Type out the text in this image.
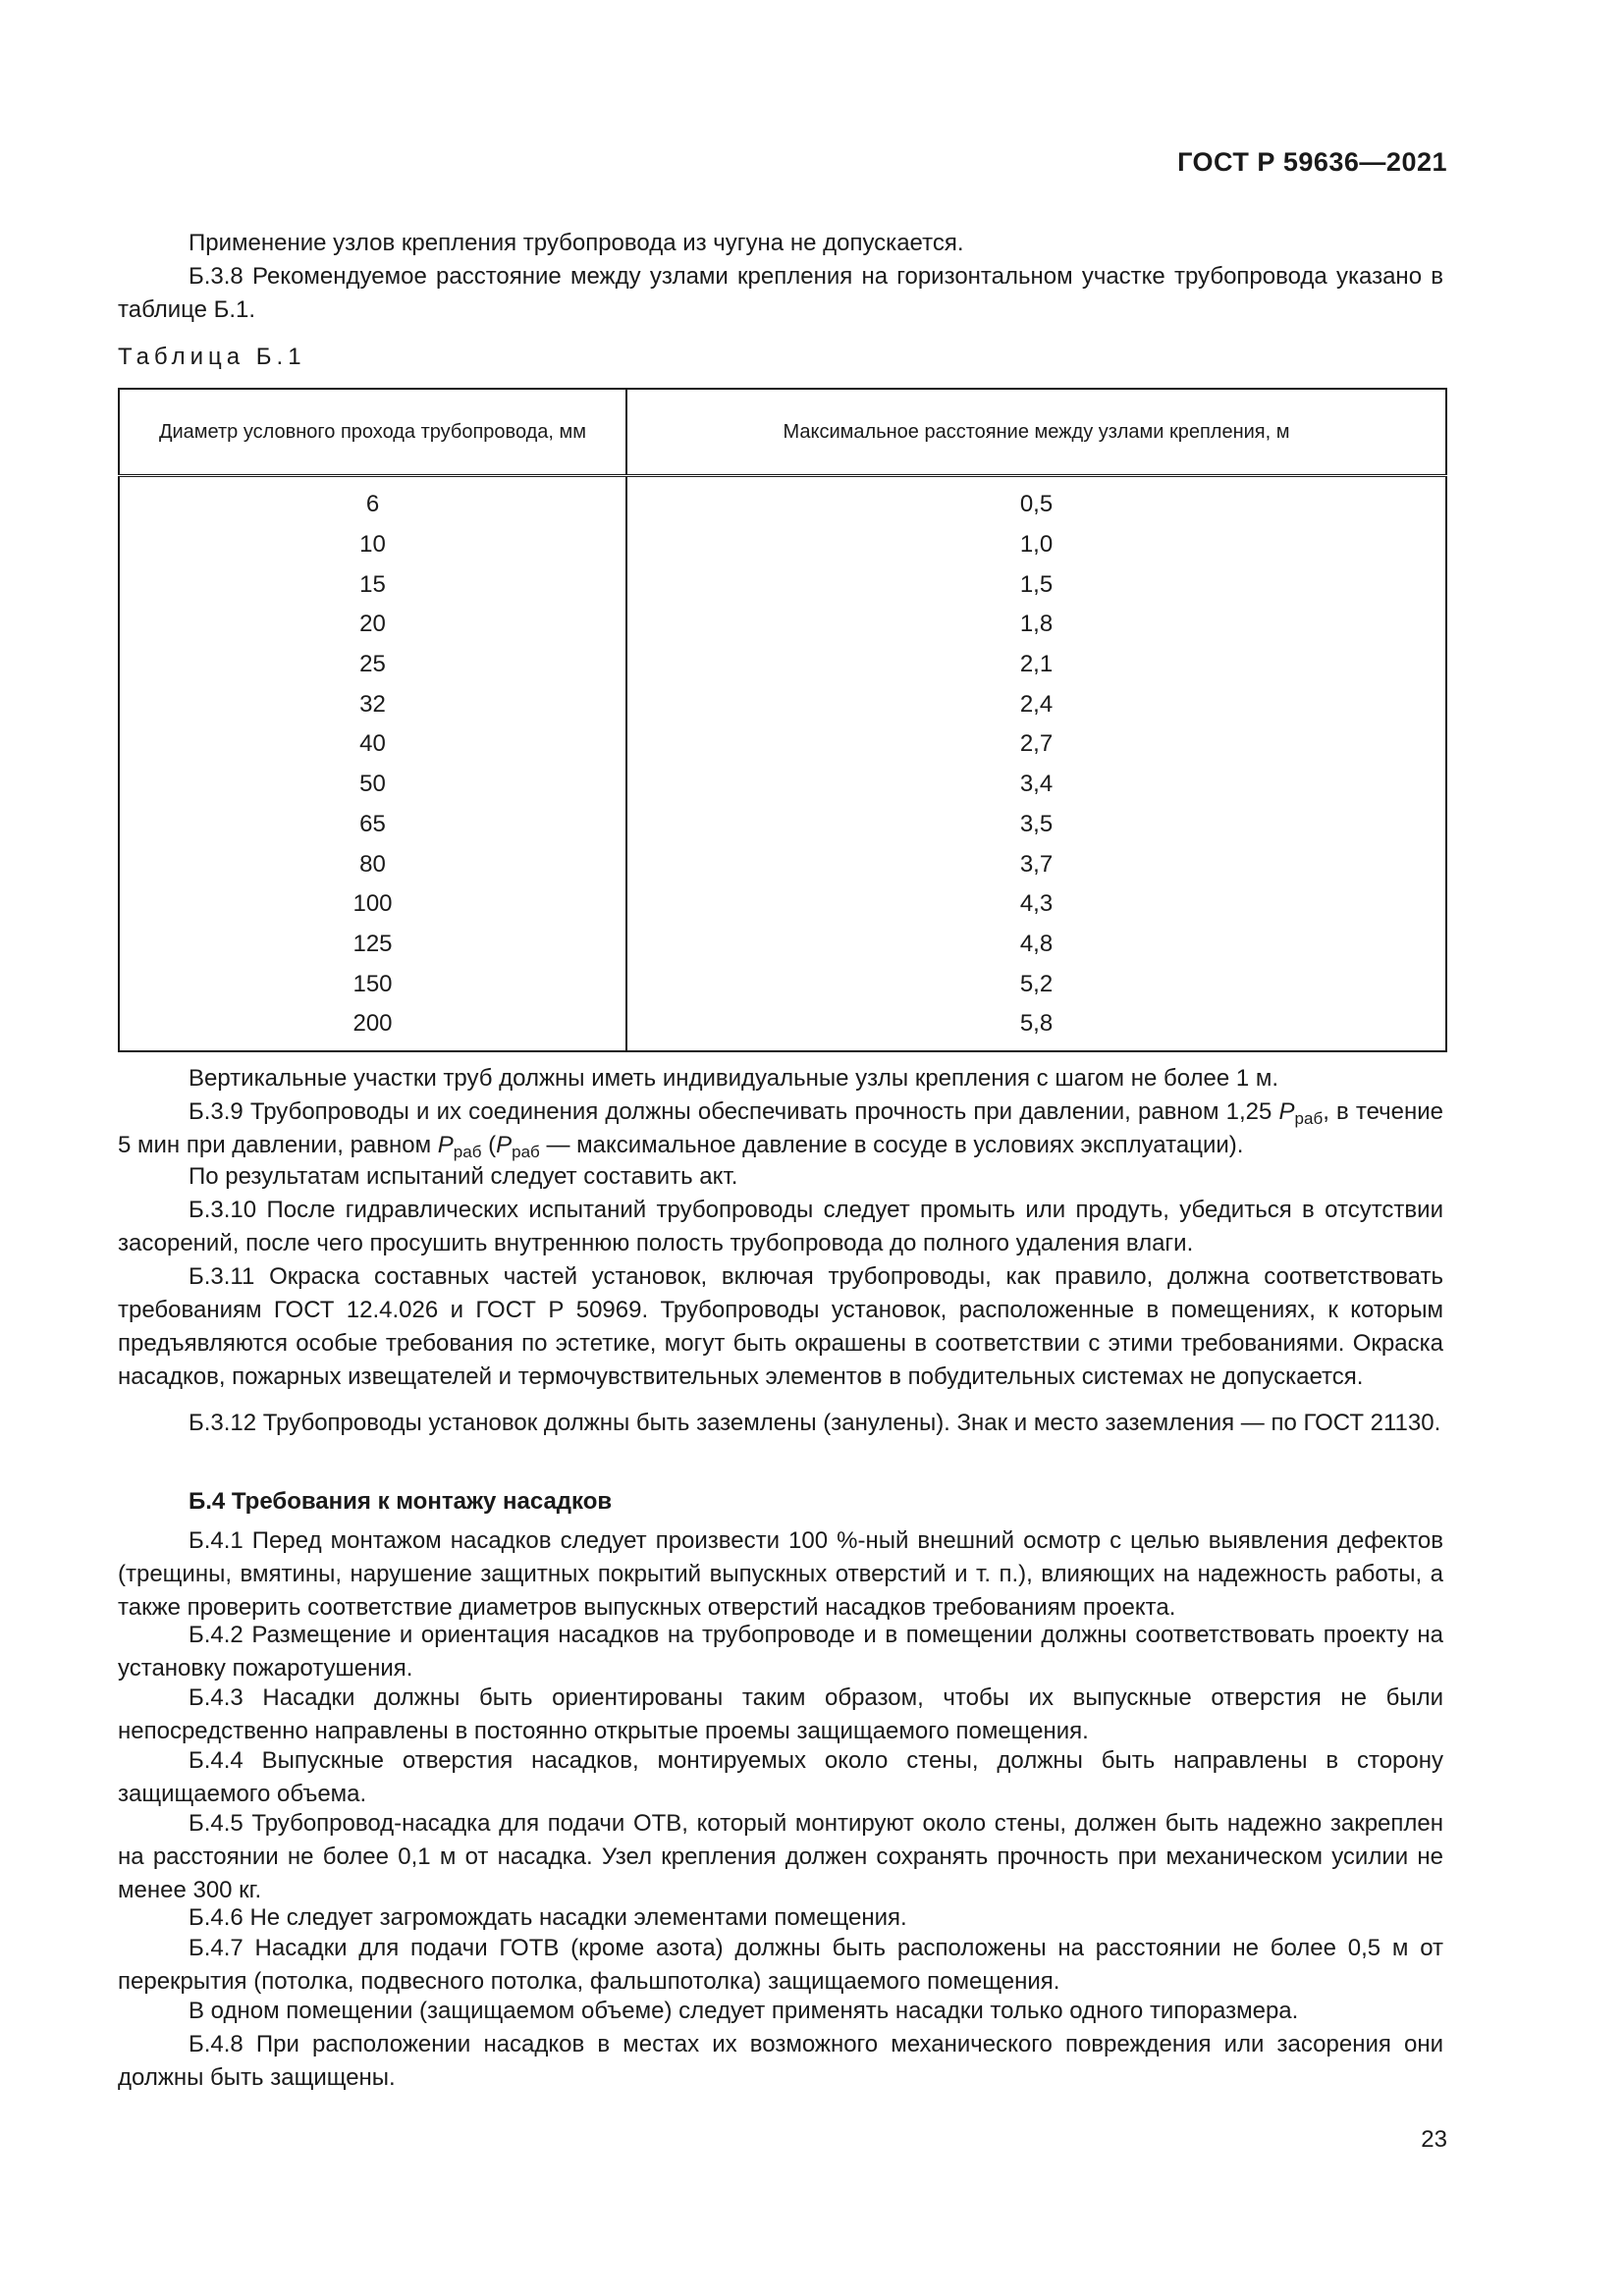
ГОСТ Р 59636—2021
Применение узлов крепления трубопровода из чугуна не допускается.
Б.3.8 Рекомендуемое расстояние между узлами крепления на горизонтальном участке трубопровода указано в таблице Б.1.
Таблица Б.1
Диаметр условного прохода трубопровода, мм	Максимальное расстояние между узлами крепления, м
6	0,5
10	1,0
15	1,5
20	1,8
25	2,1
32	2,4
40	2,7
50	3,4
65	3,5
80	3,7
100	4,3
125	4,8
150	5,2
200	5,8
Вертикальные участки труб должны иметь индивидуальные узлы крепления с шагом не более 1 м.
Б.3.9 Трубопроводы и их соединения должны обеспечивать прочность при давлении, равном 1,25 $P_{раб}$, в течение 5 мин при давлении, равном $P_{раб}$ ($P_{раб}$ — максимальное давление в сосуде в условиях эксплуатации).
По результатам испытаний следует составить акт.
Б.3.10 После гидравлических испытаний трубопроводы следует промыть или продуть, убедиться в отсутствии засорений, после чего просушить внутреннюю полость трубопровода до полного удаления влаги.
Б.3.11 Окраска составных частей установок, включая трубопроводы, как правило, должна соответствовать требованиям ГОСТ 12.4.026 и ГОСТ Р 50969. Трубопроводы установок, расположенные в помещениях, к которым предъявляются особые требования по эстетике, могут быть окрашены в соответствии с этими требованиями. Окраска насадков, пожарных извещателей и термочувствительных элементов в побудительных системах не допускается.
Б.3.12 Трубопроводы установок должны быть заземлены (занулены). Знак и место заземления — по ГОСТ 21130.
Б.4 Требования к монтажу насадков
Б.4.1 Перед монтажом насадков следует произвести 100 %-ный внешний осмотр с целью выявления дефектов (трещины, вмятины, нарушение защитных покрытий выпускных отверстий и т. п.), влияющих на надежность работы, а также проверить соответствие диаметров выпускных отверстий насадков требованиям проекта.
Б.4.2 Размещение и ориентация насадков на трубопроводе и в помещении должны соответствовать проекту на установку пожаротушения.
Б.4.3 Насадки должны быть ориентированы таким образом, чтобы их выпускные отверстия не были непосредственно направлены в постоянно открытые проемы защищаемого помещения.
Б.4.4 Выпускные отверстия насадков, монтируемых около стены, должны быть направлены в сторону защищаемого объема.
Б.4.5 Трубопровод-насадка для подачи ОТВ, который монтируют около стены, должен быть надежно закреплен на расстоянии не более 0,1 м от насадка. Узел крепления должен сохранять прочность при механическом усилии не менее 300 кг.
Б.4.6 Не следует загромождать насадки элементами помещения.
Б.4.7 Насадки для подачи ГОТВ (кроме азота) должны быть расположены на расстоянии не более 0,5 м от перекрытия (потолка, подвесного потолка, фальшпотолка) защищаемого помещения.
В одном помещении (защищаемом объеме) следует применять насадки только одного типоразмера.
Б.4.8 При расположении насадков в местах их возможного механического повреждения или засорения они должны быть защищены.
23
